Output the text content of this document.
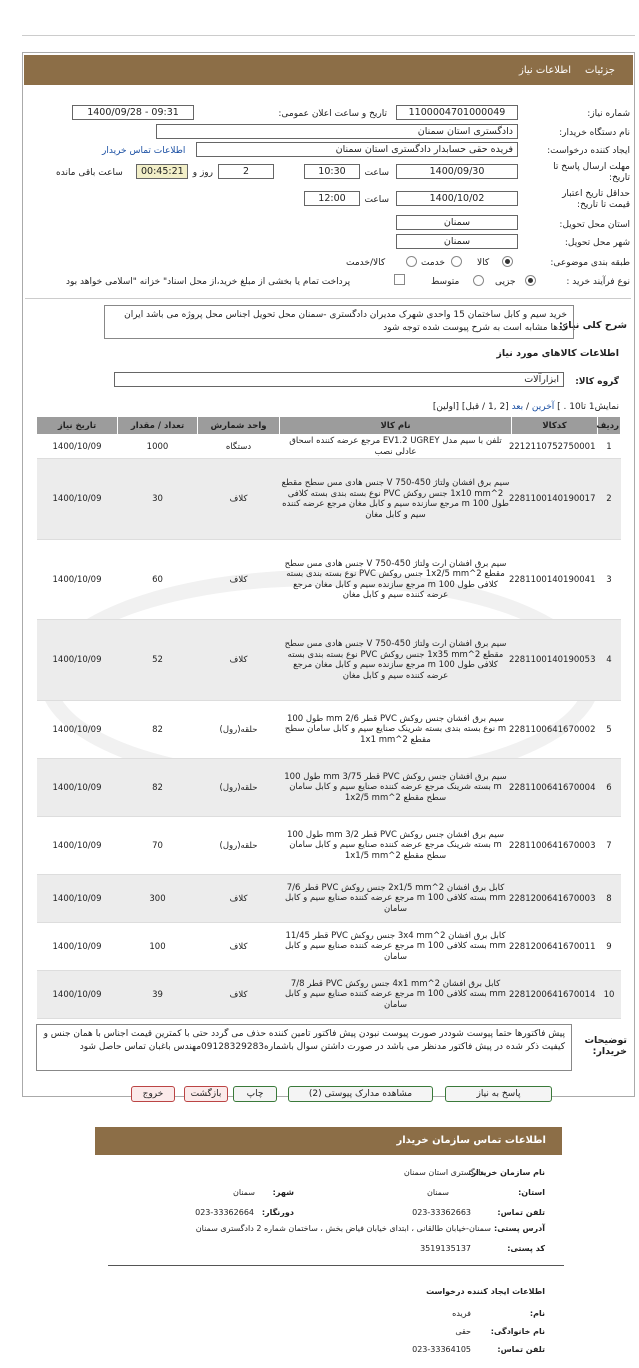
جزئیات
اطلاعات نیاز
شماره نیاز:
1100004701000049
تاریخ و ساعت اعلان عمومی:
1400/09/28 - 09:31
نام دستگاه خریدار:
دادگستری استان سمنان
ایجاد کننده درخواست:
فریده حقی حسابدار دادگستری استان سمنان
اطلاعات تماس خریدار
مهلت ارسال پاسخ تا
تاریخ:
1400/09/30
ساعت
10:30
2
روز و
00:45:21
ساعت باقی مانده
حداقل تاریخ اعتبار
قیمت تا تاریخ:
1400/10/02
ساعت
12:00
استان محل تحویل:
سمنان
شهر محل تحویل:
سمنان
طبقه بندی موضوعی:
کالا
خدمت
کالا/خدمت
نوع فرآیند خرید :
جزیی
متوسط
پرداخت تمام یا بخشی از مبلغ خرید،از محل اسناد" خزانه "اسلامی خواهد بود
شرح کلی نیاز:
خرید سیم و کابل ساختمان 15 واحدی شهرک مدیران دادگستری -سمنان محل تحویل اجناس محل پروژه می باشد ایران کدها مشابه است به شرح پیوست شده توجه شود
اطلاعات کالاهای مورد نیاز
گروه کالا:
ابزارآلات
نمایش1 تا10 . ] آخرین / بعد [2 ,1 / قبل] [اولین]
ردیف	کدکالا	نام کالا	واحد شمارش	تعداد / مقدار	تاریخ نیاز
1	2212110752750001	تلفن با سیم مدل EV1.2 UGREY مرجع عرضه کننده اسحاق عادلی نصب	دستگاه	1000	1400/10/09
2	2281100140190017	سیم برق افشان ولتاژ 450-750 V جنس هادی مس سطح مقطع 1x10 mm^2 جنس روکش PVC نوع بسته بندی بسته کلافی طول 100 m مرجع سازنده سیم و کابل مغان مرجع عرضه کننده سیم و کابل مغان	کلاف	30	1400/10/09
3	2281100140190041	سیم برق افشان ارت ولتاژ 450-750 V جنس هادی مس سطح مقطع 1x2/5 mm^2 جنس روکش PVC نوع بسته بندی بسته کلافی طول 100 m مرجع سازنده سیم و کابل مغان مرجع عرضه کننده سیم و کابل مغان	کلاف	60	1400/10/09
4	2281100140190053	سیم برق افشان ارت ولتاژ 450-750 V جنس هادی مس سطح مقطع 1x35 mm^2 جنس روکش PVC نوع بسته بندی بسته کلافی طول 100 m مرجع سازنده سیم و کابل مغان مرجع عرضه کننده سیم و کابل مغان	کلاف	52	1400/10/09
5	2281100641670002	سیم برق افشان جنس روکش PVC قطر 2/6 mm طول 100 m نوع بسته بندی بسته شرینک صنایع سیم و کابل سامان سطح مقطع 1x1 mm^2	حلقه(رول)	82	1400/10/09
6	2281100641670004	سیم برق افشان جنس روکش PVC قطر 3/75 mm طول 100 m بسته شرینک مرجع عرضه کننده صنایع سیم و کابل سامان سطح مقطع 1x2/5 mm^2	حلقه(رول)	82	1400/10/09
7	2281100641670003	سیم برق افشان جنس روکش PVC قطر 3/2 mm طول 100 m بسته شرینک مرجع عرضه کننده صنایع سیم و کابل سامان سطح مقطع 1x1/5 mm^2	حلقه(رول)	70	1400/10/09
8	2281200641670003	کابل برق افشان 2x1/5 mm^2 جنس روکش PVC قطر 7/6 mm بسته کلافی 100 m مرجع عرضه کننده صنایع سیم و کابل سامان	کلاف	300	1400/10/09
9	2281200641670011	کابل برق افشان 3x4 mm^2 جنس روکش PVC قطر 11/45 mm بسته کلافی 100 m مرجع عرضه کننده صنایع سیم و کابل سامان	کلاف	100	1400/10/09
10	2281200641670014	کابل برق افشان 4x1 mm^2 جنس روکش PVC قطر 7/8 mm بسته کلافی 100 m مرجع عرضه کننده صنایع سیم و کابل سامان	کلاف	39	1400/10/09
توضیحات خریدار:
پیش فاکتورها حتما پیوست شوددر صورت پیوست نبودن پیش فاکتور تامین کننده حذف می گردد حتی با کمترین قیمت اجناس با همان جنس و کیفیت ذکر شده در پیش فاکتور مدنظر می باشد در صورت داشتن سوال باشماره09128329283مهندس باغبان تماس حاصل شود
پاسخ به نیاز
مشاهده مدارک پیوستی (2)
چاپ
بازگشت
خروج
اطلاعات تماس سازمان خریدار
نام سازمان خریدار:
دادگستری استان سمنان
استان:
سمنان
شهر:
سمنان
تلفن تماس:
023-33362663
دورنگار:
023-33362664
آدرس پستی:
سمنان-خیابان طالقانی ، ابتدای خیابان فیاض بخش ، ساختمان شماره 2 دادگستری سمنان
کد پستی:
3519135137
اطلاعات ایجاد کننده درخواست
نام:
فریده
نام خانوادگی:
حقی
تلفن تماس:
023-33364105
